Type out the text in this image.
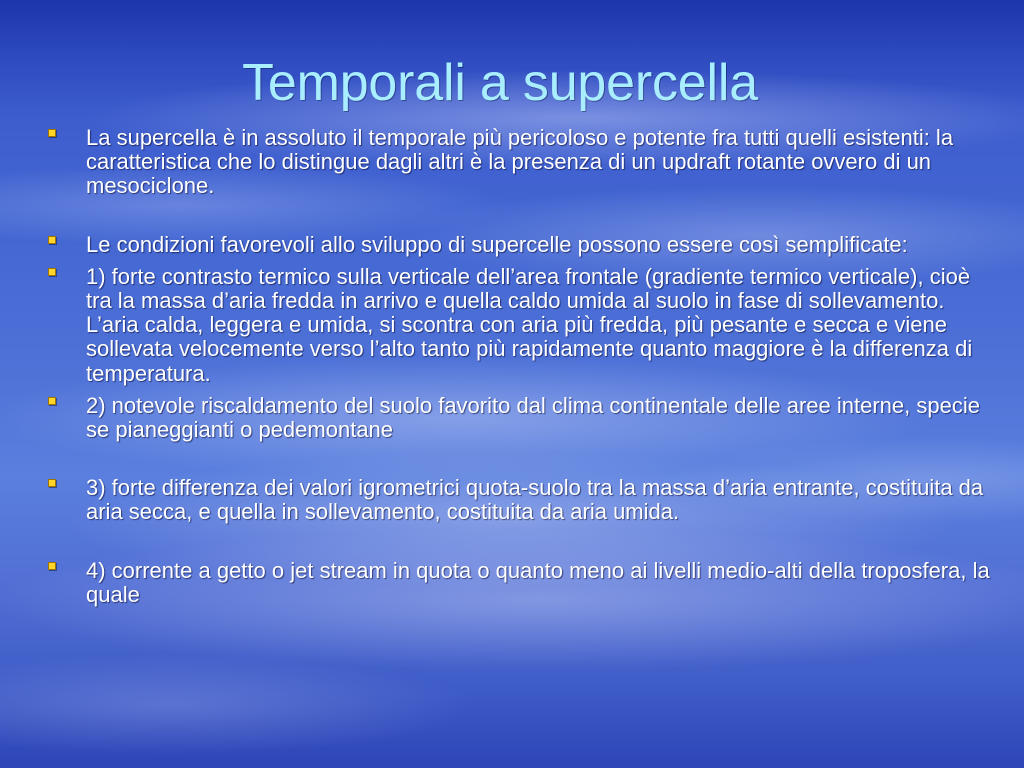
Temporali a supercella
La supercella è in assoluto il temporale più pericoloso e potente fra tutti quelli esistenti: la caratteristica che lo distingue dagli altri è la presenza di un updraft rotante ovvero di un mesociclone.
Le condizioni favorevoli allo sviluppo di supercelle possono essere così semplificate:
1) forte contrasto termico sulla verticale dell’area frontale (gradiente termico verticale), cioè tra la massa d’aria fredda in arrivo e quella caldo umida al suolo in fase di sollevamento. L’aria calda, leggera e umida, si scontra con aria più fredda, più pesante e secca e viene sollevata velocemente verso l’alto tanto più rapidamente quanto maggiore è la differenza di temperatura.
2) notevole riscaldamento del suolo favorito dal clima continentale delle aree interne, specie se pianeggianti o pedemontane
3) forte differenza dei valori igrometrici quota-suolo tra la massa d’aria entrante, costituita da aria secca, e quella in sollevamento, costituita da aria umida.
4) corrente a getto o jet stream in quota o quanto meno ai livelli medio-alti della troposfera, la quale
